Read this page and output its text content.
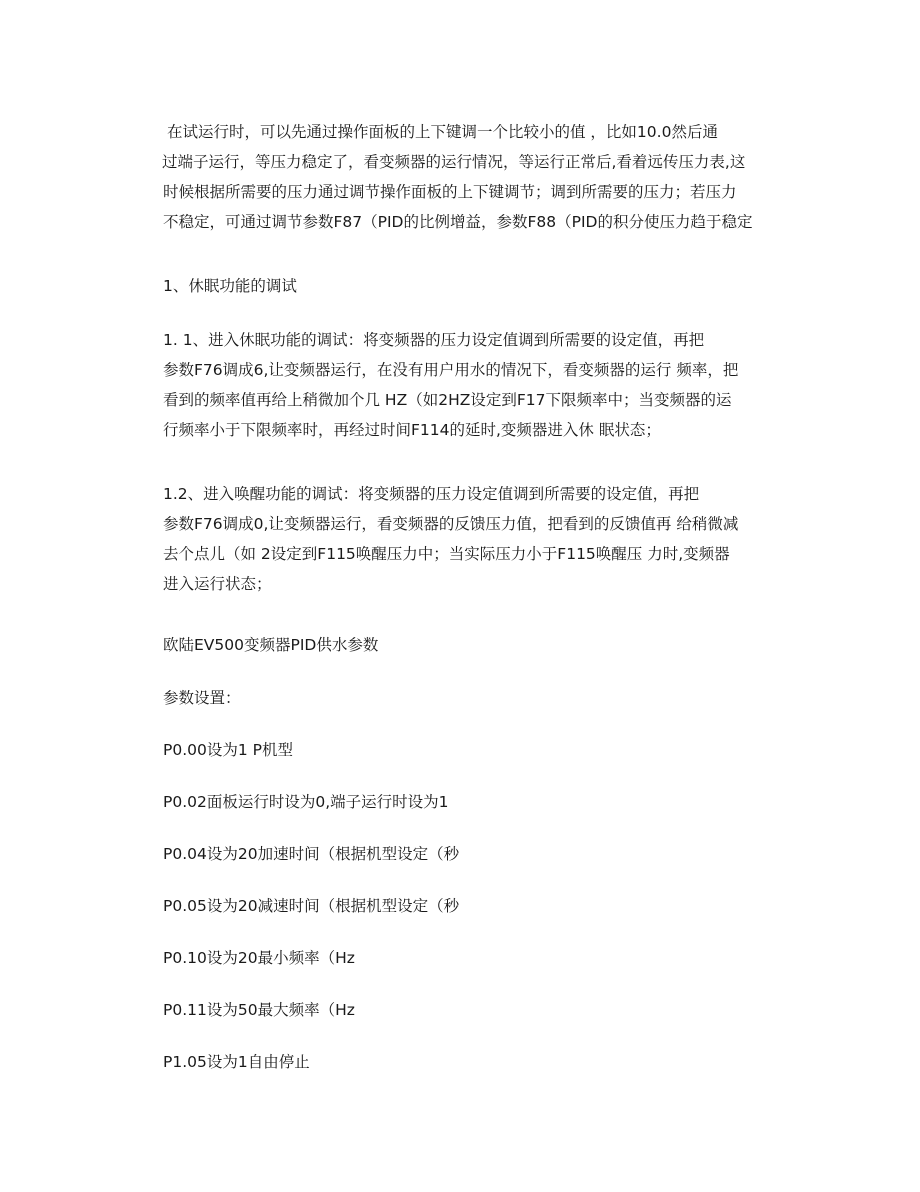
在试运行时，可以先通过操作面板的上下键调一个比较小的值 ，比如10.0然后通
过端子运行，等压力稳定了，看变频器的运行情况，等运行正常后,看着远传压力表,这
时候根据所需要的压力通过调节操作面板的上下键调节；调到所需要的压力；若压力
不稳定，可通过调节参数F87（PID的比例增益，参数F88（PID的积分使压力趋于稳定
1、休眠功能的调试
1. 1、进入休眠功能的调试：将变频器的压力设定值调到所需要的设定值，再把
参数F76调成6,让变频器运行，在没有用户用水的情况下，看变频器的运行 频率，把
看到的频率值再给上稍微加个几 HZ（如2HZ设定到F17下限频率中；当变频器的运
行频率小于下限频率时，再经过时间F114的延时,变频器进入休 眠状态；
1.2、进入唤醒功能的调试：将变频器的压力设定值调到所需要的设定值，再把
参数F76调成0,让变频器运行，看变频器的反馈压力值，把看到的反馈值再 给稍微减
去个点儿（如 2设定到F115唤醒压力中；当实际压力小于F115唤醒压 力时,变频器
进入运行状态；
欧陆EV500变频器PID供水参数
参数设置：
P0.00设为1 P机型
P0.02面板运行时设为0,端子运行时设为1
P0.04设为20加速时间（根据机型设定（秒
P0.05设为20减速时间（根据机型设定（秒
P0.10设为20最小频率（Hz
P0.11设为50最大频率（Hz
P1.05设为1自由停止
